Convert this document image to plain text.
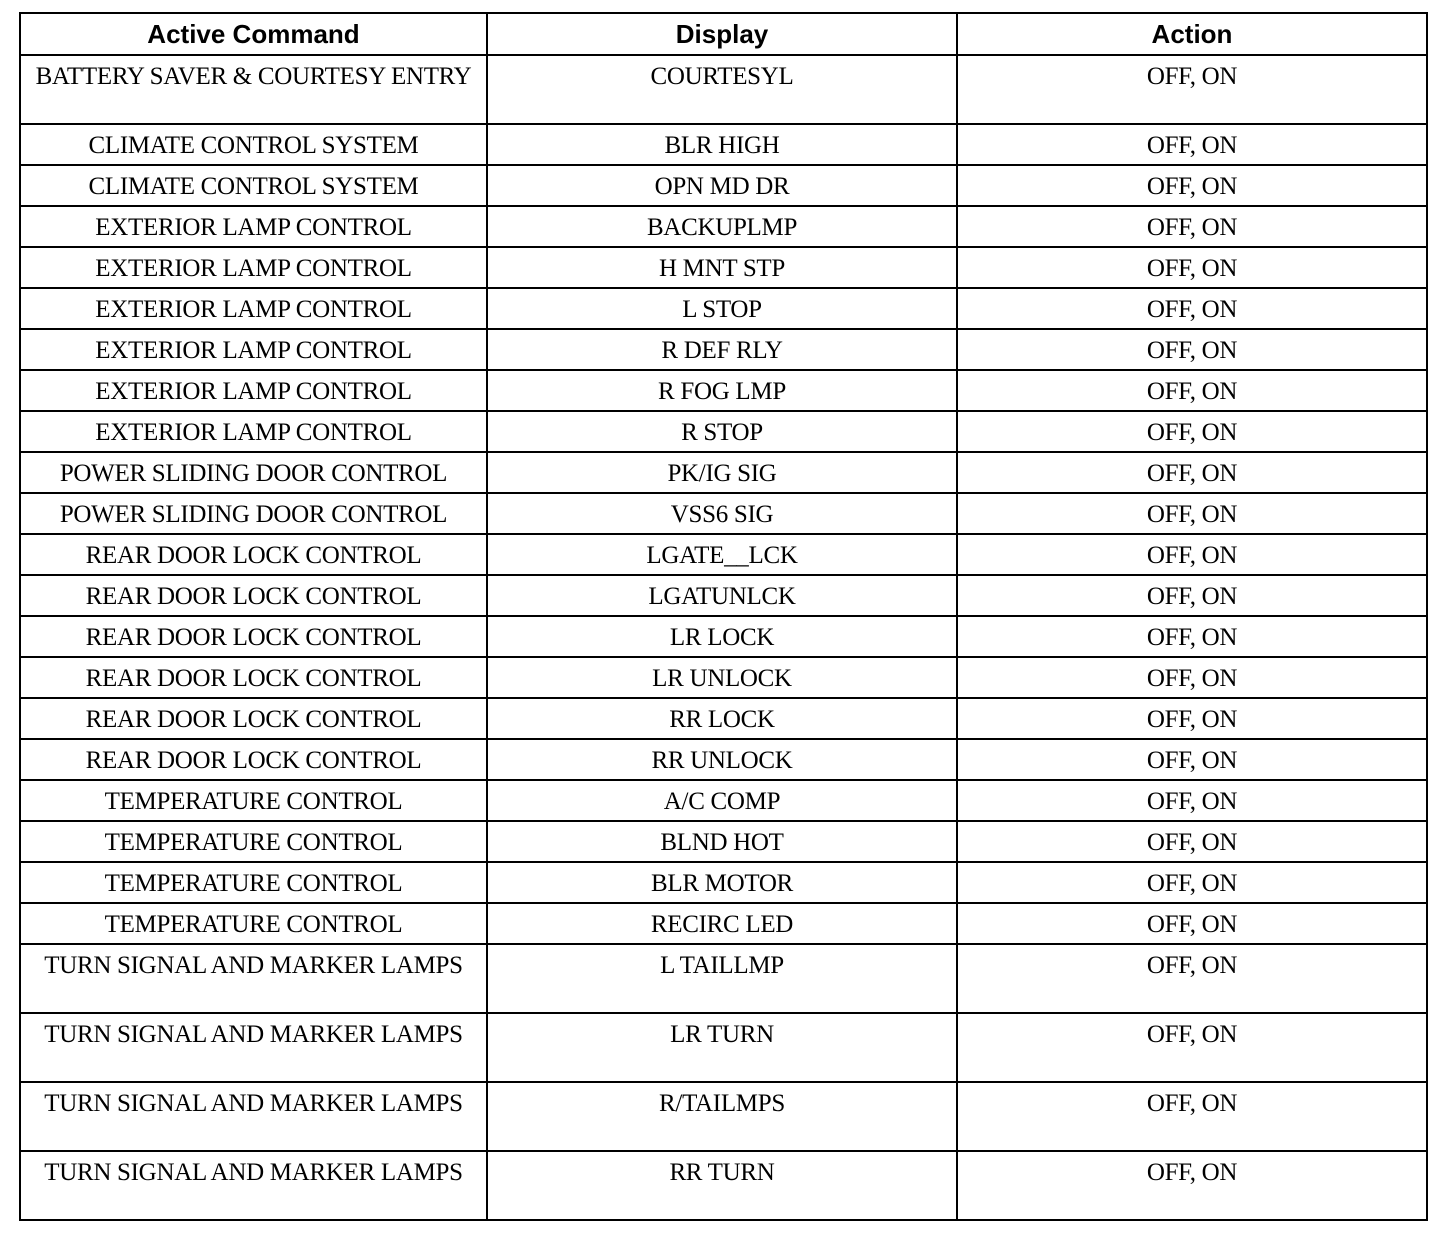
Active Command	Display	Action
BATTERY SAVER & COURTESY ENTRY	COURTESYL	OFF, ON
CLIMATE CONTROL SYSTEM	BLR HIGH	OFF, ON
CLIMATE CONTROL SYSTEM	OPN MD DR	OFF, ON
EXTERIOR LAMP CONTROL	BACKUPLMP	OFF, ON
EXTERIOR LAMP CONTROL	H MNT STP	OFF, ON
EXTERIOR LAMP CONTROL	L STOP	OFF, ON
EXTERIOR LAMP CONTROL	R DEF RLY	OFF, ON
EXTERIOR LAMP CONTROL	R FOG LMP	OFF, ON
EXTERIOR LAMP CONTROL	R STOP	OFF, ON
POWER SLIDING DOOR CONTROL	PK/IG SIG	OFF, ON
POWER SLIDING DOOR CONTROL	VSS6 SIG	OFF, ON
REAR DOOR LOCK CONTROL	LGATE__LCK	OFF, ON
REAR DOOR LOCK CONTROL	LGATUNLCK	OFF, ON
REAR DOOR LOCK CONTROL	LR LOCK	OFF, ON
REAR DOOR LOCK CONTROL	LR UNLOCK	OFF, ON
REAR DOOR LOCK CONTROL	RR LOCK	OFF, ON
REAR DOOR LOCK CONTROL	RR UNLOCK	OFF, ON
TEMPERATURE CONTROL	A/C COMP	OFF, ON
TEMPERATURE CONTROL	BLND HOT	OFF, ON
TEMPERATURE CONTROL	BLR MOTOR	OFF, ON
TEMPERATURE CONTROL	RECIRC LED	OFF, ON
TURN SIGNAL AND MARKER LAMPS	L TAILLMP	OFF, ON
TURN SIGNAL AND MARKER LAMPS	LR TURN	OFF, ON
TURN SIGNAL AND MARKER LAMPS	R/TAILMPS	OFF, ON
TURN SIGNAL AND MARKER LAMPS	RR TURN	OFF, ON
